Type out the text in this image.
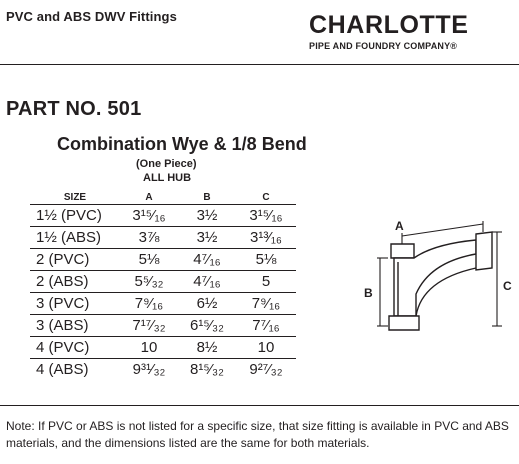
PVC and ABS DWV Fittings	CHARLOTTE
PIPE AND FOUNDRY COMPANY®
PART NO. 501
Combination Wye & 1/8 Bend
(One Piece)
ALL HUB
SIZE	A	B	C
1½ (PVC)	3¹⁵⁄₁₆	3½	3¹⁵⁄₁₆
1½ (ABS)	3⅞	3½	3¹³⁄₁₆
2 (PVC)	5⅛	4⁷⁄₁₆	5⅛
2 (ABS)	5⁵⁄₃₂	4⁷⁄₁₆	5
3 (PVC)	7⁹⁄₁₆	6½	7⁹⁄₁₆
3 (ABS)	7¹⁷⁄₃₂	6¹⁵⁄₃₂	7⁷⁄₁₆
4 (PVC)	10	8½	10
4 (ABS)	9³¹⁄₃₂	8¹⁵⁄₃₂	9²⁷⁄₃₂
A
B	C
Note: If PVC or ABS is not listed for a specific size, that size fitting is available in PVC and ABS materials, and the dimensions listed are the same for both materials.
